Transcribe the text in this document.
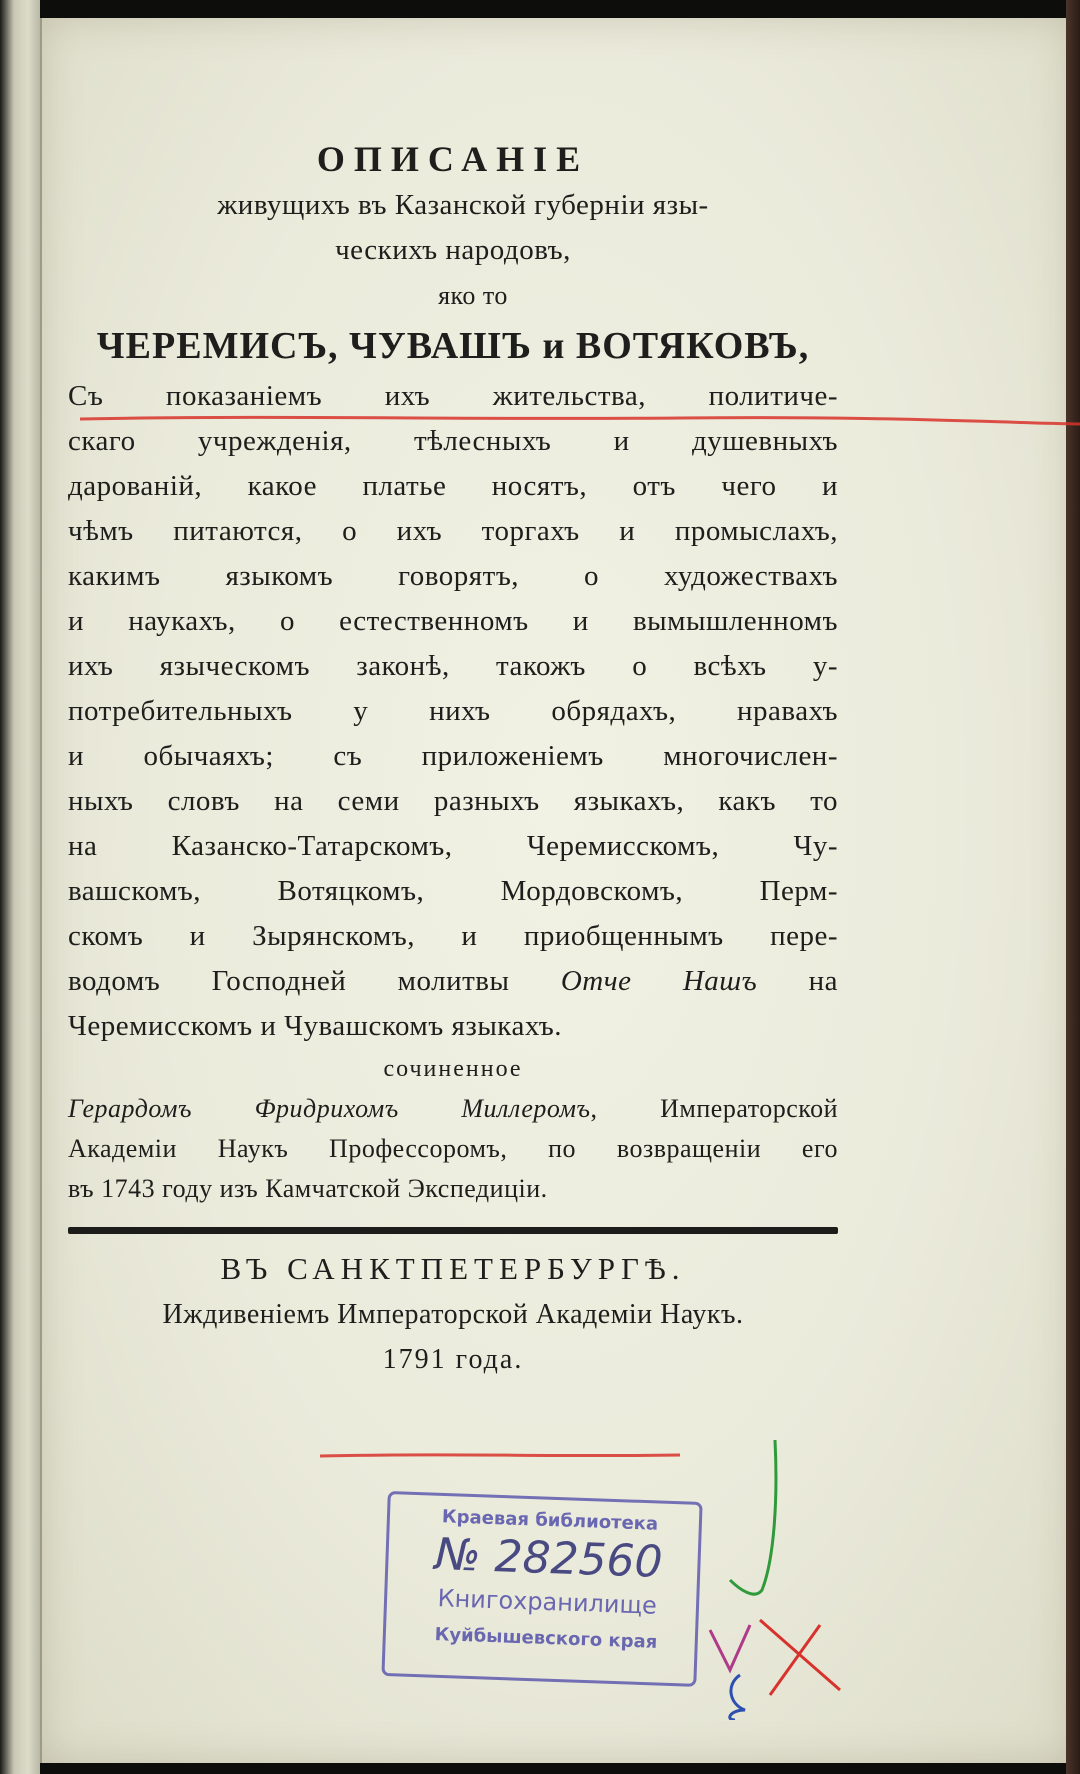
ОПИСАНІЕ
живущихъ въ Казанской губерніи язы-
ческихъ народовъ,
яко то
ЧЕРЕМИСЪ, ЧУВАШЪ и ВОТЯКОВЪ,
Съ показаніемъ ихъ жительства, политиче-
скаго учрежденія, тѣлесныхъ и душевныхъ
дарованій, какое платье носятъ, отъ чего и
чѣмъ питаются, о ихъ торгахъ и промыслахъ,
какимъ языкомъ говорятъ, о художествахъ
и наукахъ, о естественномъ и вымышленномъ
ихъ языческомъ законѣ, такожъ о всѣхъ у-
потребительныхъ у нихъ обрядахъ, нравахъ
и обычаяхъ; съ приложеніемъ многочислен-
ныхъ словъ на семи разныхъ языкахъ, какъ то
на Казанско-Татарскомъ, Черемисскомъ, Чу-
вашскомъ, Вотяцкомъ, Мордовскомъ, Перм-
скомъ и Зырянскомъ, и приобщеннымъ пере-
водомъ Господней молитвы Отче Нашъ на
Черемисскомъ и Чувашскомъ языкахъ.
сочиненное
Герардомъ Фридрихомъ Миллеромъ, Императорской
Академіи Наукъ Профессоромъ, по возвращеніи его
въ 1743 году изъ Камчатской Экспедиціи.
ВЪ САНКТПЕТЕРБУРГѢ.
Иждивеніемъ Императорской Академіи Наукъ.
1791 года.
Краевая библиотека
№ 282560
Книгохранилище
Куйбышевского края
